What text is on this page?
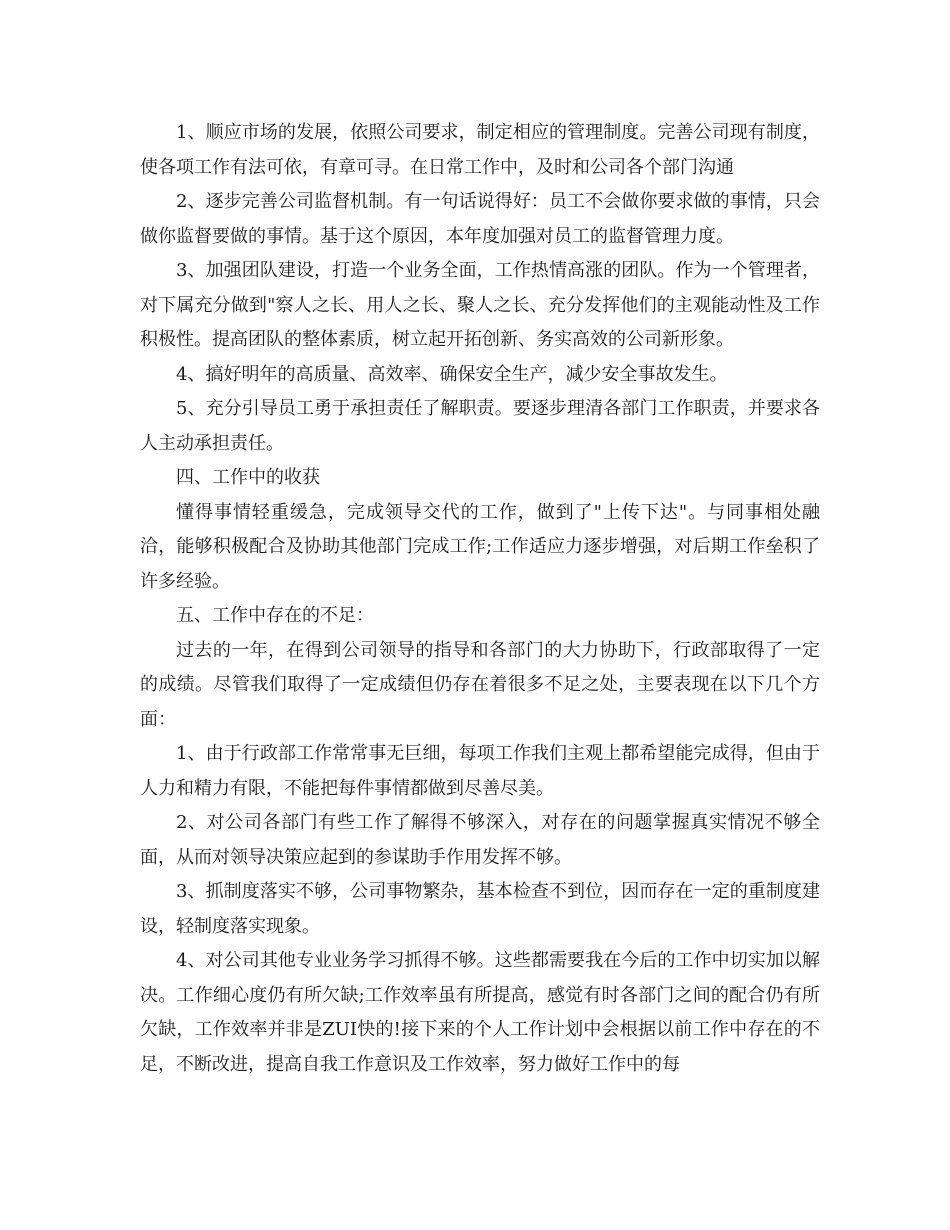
1、顺应市场的发展，依照公司要求，制定相应的管理制度。完善公司现有制度，使各项工作有法可依，有章可寻。在日常工作中，及时和公司各个部门沟通

2、逐步完善公司监督机制。有一句话说得好：员工不会做你要求做的事情，只会做你监督要做的事情。基于这个原因，本年度加强对员工的监督管理力度。

3、加强团队建设，打造一个业务全面，工作热情高涨的团队。作为一个管理者，对下属充分做到"察人之长、用人之长、聚人之长、充分发挥他们的主观能动性及工作积极性。提高团队的整体素质，树立起开拓创新、务实高效的公司新形象。

4、搞好明年的高质量、高效率、确保安全生产，减少安全事故发生。

5、充分引导员工勇于承担责任了解职责。要逐步理清各部门工作职责，并要求各人主动承担责任。

四、工作中的收获

懂得事情轻重缓急，完成领导交代的工作，做到了"上传下达"。与同事相处融洽，能够积极配合及协助其他部门完成工作;工作适应力逐步增强，对后期工作垒积了许多经验。

五、工作中存在的不足：

过去的一年，在得到公司领导的指导和各部门的大力协助下，行政部取得了一定的成绩。尽管我们取得了一定成绩但仍存在着很多不足之处，主要表现在以下几个方面：

1、由于行政部工作常常事无巨细，每项工作我们主观上都希望能完成得，但由于人力和精力有限，不能把每件事情都做到尽善尽美。

2、对公司各部门有些工作了解得不够深入，对存在的问题掌握真实情况不够全面，从而对领导决策应起到的参谋助手作用发挥不够。

3、抓制度落实不够，公司事物繁杂，基本检查不到位，因而存在一定的重制度建设，轻制度落实现象。

4、对公司其他专业业务学习抓得不够。这些都需要我在今后的工作中切实加以解决。工作细心度仍有所欠缺;工作效率虽有所提高，感觉有时各部门之间的配合仍有所欠缺，工作效率并非是ZUI快的!接下来的个人工作计划中会根据以前工作中存在的不足，不断改进，提高自我工作意识及工作效率，努力做好工作中的每
